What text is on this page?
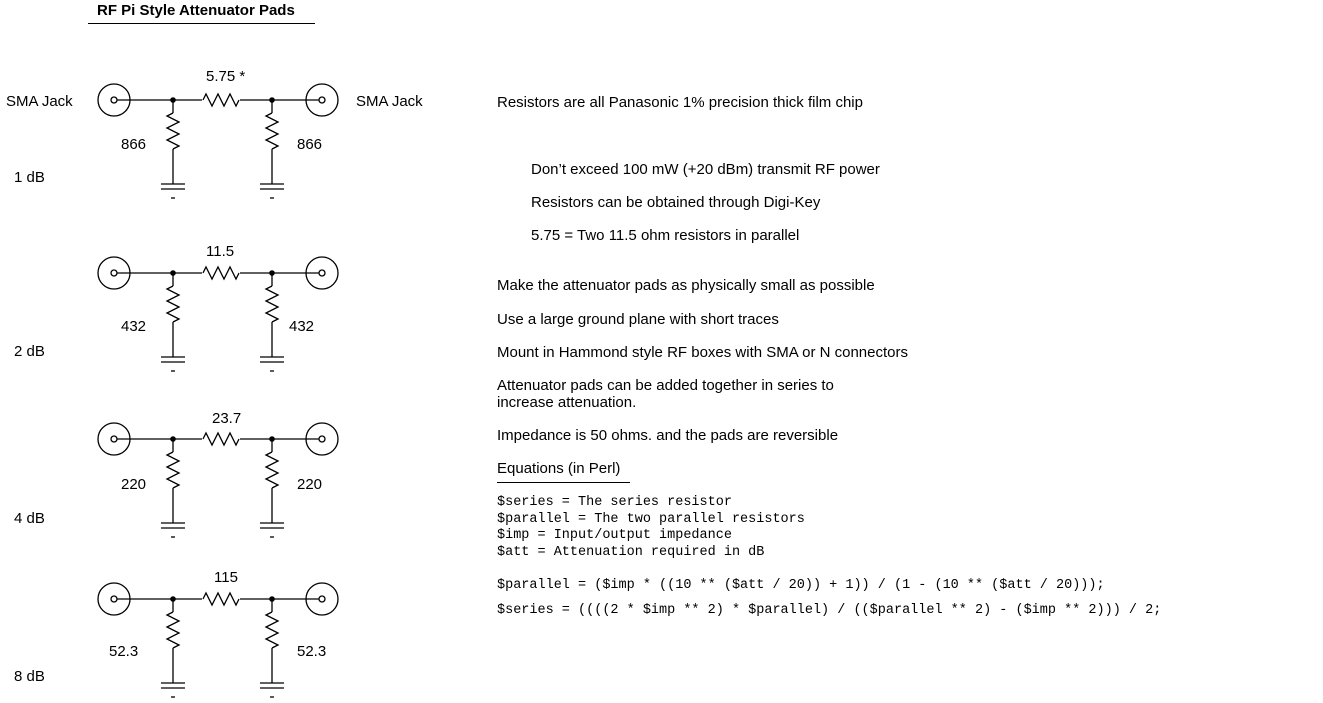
RF Pi Style Attenuator Pads
SMA Jack	SMA Jack
1 dB
5.75 *
866	866
2 dB
11.5
432	432
4 dB
23.7
220	220
8 dB
115
52.3	52.3
Resistors are all Panasonic 1% precision thick film chip
Don’t exceed 100 mW (+20 dBm) transmit RF power
Resistors can be obtained through Digi-Key
5.75 = Two 11.5 ohm resistors in parallel
Make the attenuator pads as physically small as possible
Use a large ground plane with short traces
Mount in Hammond style RF boxes with SMA or N connectors
Attenuator pads can be added together in series to
increase attenuation.
Impedance is 50 ohms. and the pads are reversible
Equations (in Perl)
$series = The series resistor
$parallel = The two parallel resistors
$imp = Input/output impedance
$att = Attenuation required in dB
$parallel = ($imp * ((10 ** ($att / 20)) + 1)) / (1 - (10 ** ($att / 20)));
$series = ((((2 * $imp ** 2) * $parallel) / (($parallel ** 2) - ($imp ** 2))) / 2;
